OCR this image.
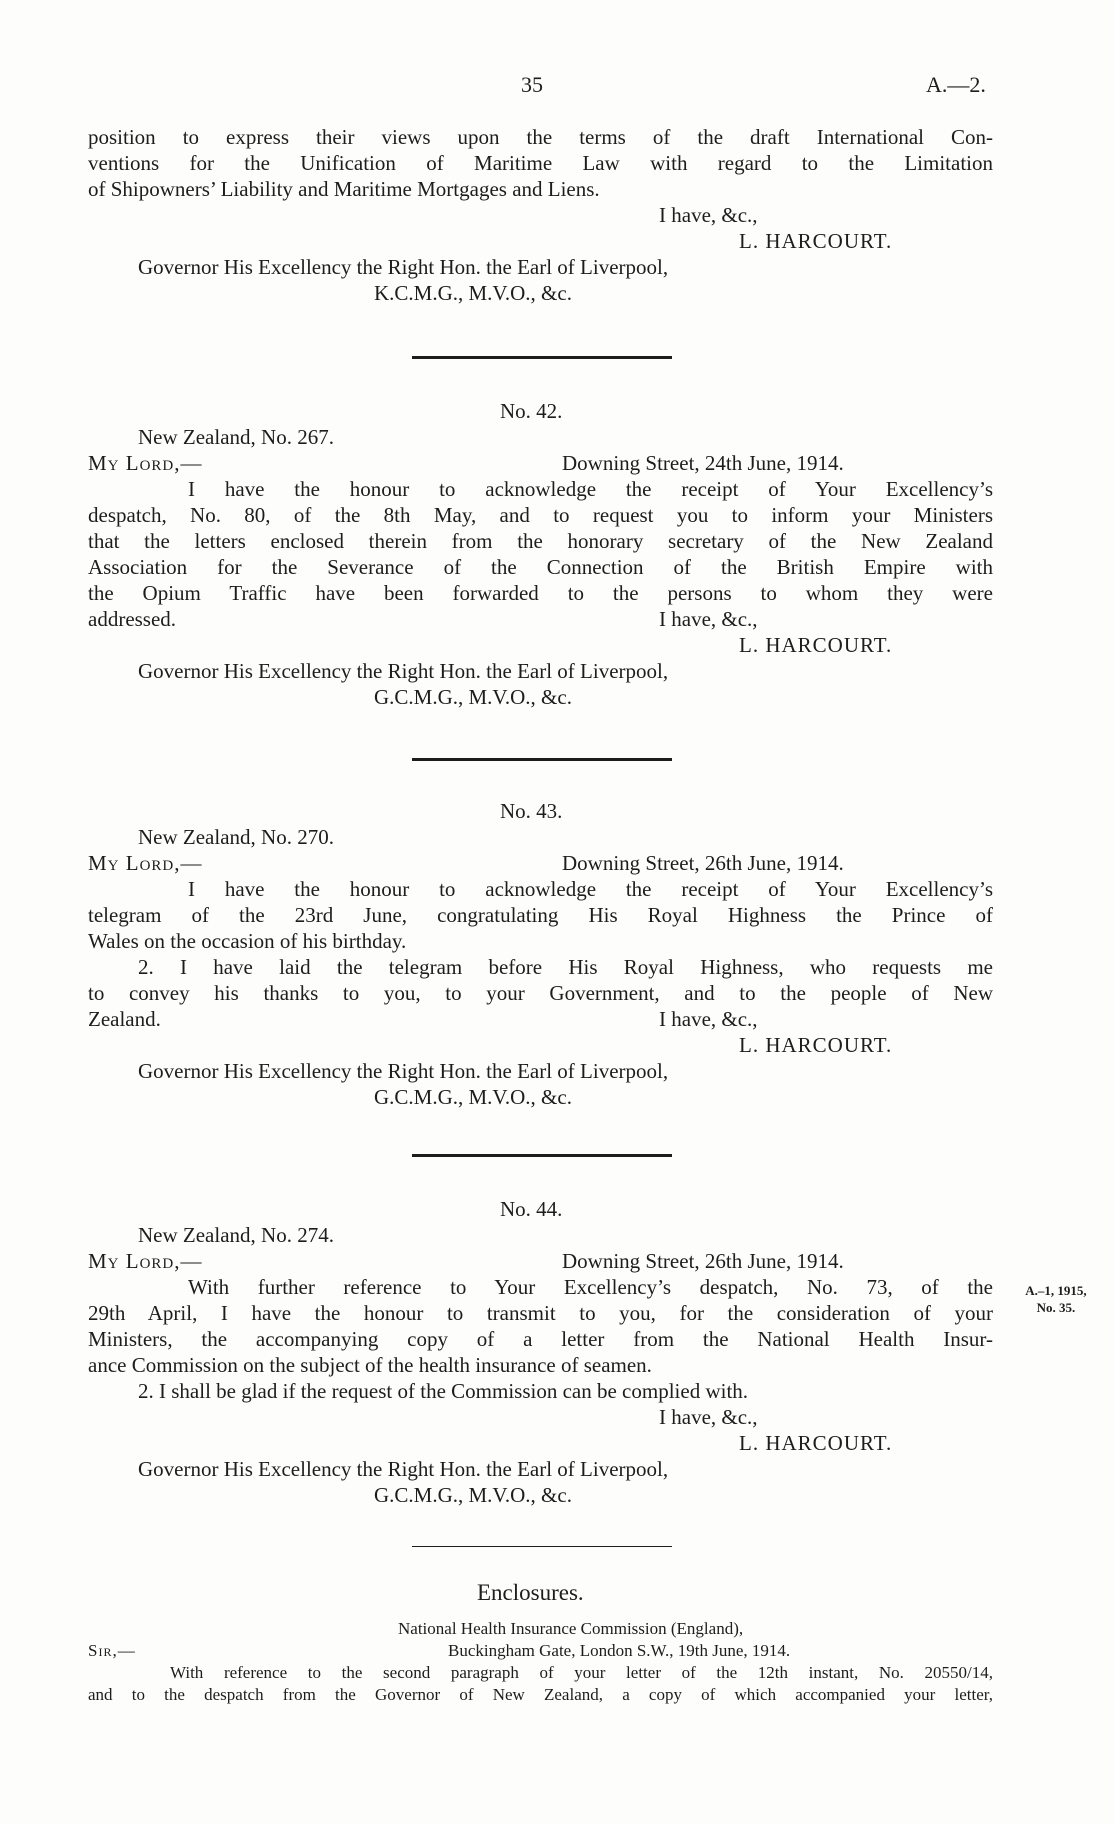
35	A.—2.
position to express their views upon the terms of the draft International Con-
ventions for the Unification of Maritime Law with regard to the Limitation
of Shipowners’ Liability and Maritime Mortgages and Liens.
I have, &c.,
L. HARCOURT.
Governor His Excellency the Right Hon. the Earl of Liverpool,
K.C.M.G., M.V.O., &c.
No. 42.
New Zealand, No. 267.
My Lord,—	Downing Street, 24th June, 1914.
I have the honour to acknowledge the receipt of Your Excellency’s
despatch, No. 80, of the 8th May, and to request you to inform your Ministers
that the letters enclosed therein from the honorary secretary of the New Zealand
Association for the Severance of the Connection of the British Empire with
the Opium Traffic have been forwarded to the persons to whom they were
addressed.	I have, &c.,
L. HARCOURT.
Governor His Excellency the Right Hon. the Earl of Liverpool,
G.C.M.G., M.V.O., &c.
No. 43.
New Zealand, No. 270.
My Lord,—	Downing Street, 26th June, 1914.
I have the honour to acknowledge the receipt of Your Excellency’s
telegram of the 23rd June, congratulating His Royal Highness the Prince of
Wales on the occasion of his birthday.
2. I have laid the telegram before His Royal Highness, who requests me
to convey his thanks to you, to your Government, and to the people of New
Zealand.	I have, &c.,
L. HARCOURT.
Governor His Excellency the Right Hon. the Earl of Liverpool,
G.C.M.G., M.V.O., &c.
No. 44.
New Zealand, No. 274.
My Lord,—	Downing Street, 26th June, 1914.
With further reference to Your Excellency’s despatch, No. 73, of the
29th April, I have the honour to transmit to you, for the consideration of your
Ministers, the accompanying copy of a letter from the National Health Insur-
ance Commission on the subject of the health insurance of seamen.
2. I shall be glad if the request of the Commission can be complied with.
I have, &c.,
L. HARCOURT.
Governor His Excellency the Right Hon. the Earl of Liverpool,
G.C.M.G., M.V.O., &c.
A.–1, 1915,
No. 35.
Enclosures.
National Health Insurance Commission (England),
Sir,—	Buckingham Gate, London S.W., 19th June, 1914.
With reference to the second paragraph of your letter of the 12th instant, No. 20550/14,
and to the despatch from the Governor of New Zealand, a copy of which accompanied your letter,
